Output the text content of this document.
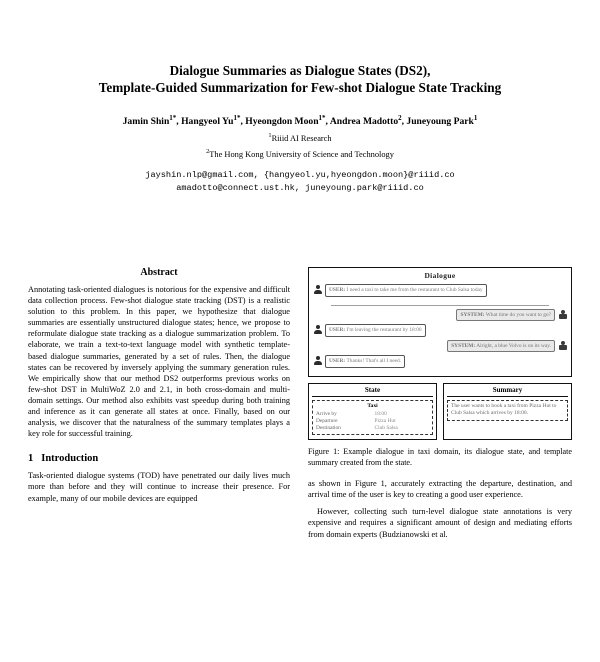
Dialogue Summaries as Dialogue States (DS2),
Template-Guided Summarization for Few-shot Dialogue State Tracking
Jamin Shin$^{1*}$, Hangyeol $Yu^{1*}$, Hyeongdon Moon$^{1*}$, Andrea Madotto$^2$, Juneyoung Park$^1$
$^1$Riiid AI Research
$^2$The Hong Kong University of Science and Technology
jayshin.nlp@gmail.com, {hangyeol.yu,hyeongdon.moon}@riiid.co
amadotto@connect.ust.hk, juneyoung.park@riiid.co
Abstract

Annotating task-oriented dialogues is notorious for the expensive and difficult data collection process. Few-shot dialogue state tracking (DST) is a realistic solution to this problem. In this paper, we hypothesize that dialogue summaries are essentially unstructured dialogue states; hence, we propose to reformulate dialogue state tracking as a dialogue summarization problem. To elaborate, we train a text-to-text language model with synthetic template-based dialogue summaries, generated by a set of rules. Then, the dialogue states can be recovered by inversely applying the summary generation rules. We empirically show that our method DS2 outperforms previous works on few-shot DST in MultiWoZ 2.0 and 2.1, in both cross-domain and multi-domain settings. Our method also exhibits vast speedup during both training and inference as it can generate all states at once. Finally, based on our analysis, we discover that the naturalness of the summary templates plays a key role for successful training.

1 Introduction

Task-oriented dialogue systems (TOD) have penetrated our daily lives much more than before and they will continue to increase their presence. For example, many of our mobile devices are equipped

Dialogue
USER: I need a taxi to take me from the restaurant to Club Salsa today
SYSTEM: What time do you want to go?
USER: I'm leaving the restaurant by 18:00
SYSTEM: Alright, a blue Volvo is on its way.
USER: Thanks! That's all I need.
State
Taxi
Arrive by	18:00
Departure	Pizza Hut
Destination	Club Salsa
Summary
The user wants to book a taxi from Pizza Hut to Club Salsa which arrives by 18:00.
Figure 1: Example dialogue in taxi domain, its dialogue state, and template summary created from the state.

as shown in Figure 1, accurately extracting the departure, destination, and arrival time of the user is key to creating a good user experience.

However, collecting such turn-level dialogue state annotations is very expensive and requires a significant amount of design and mediating efforts from domain experts (Budzianowski et al.
